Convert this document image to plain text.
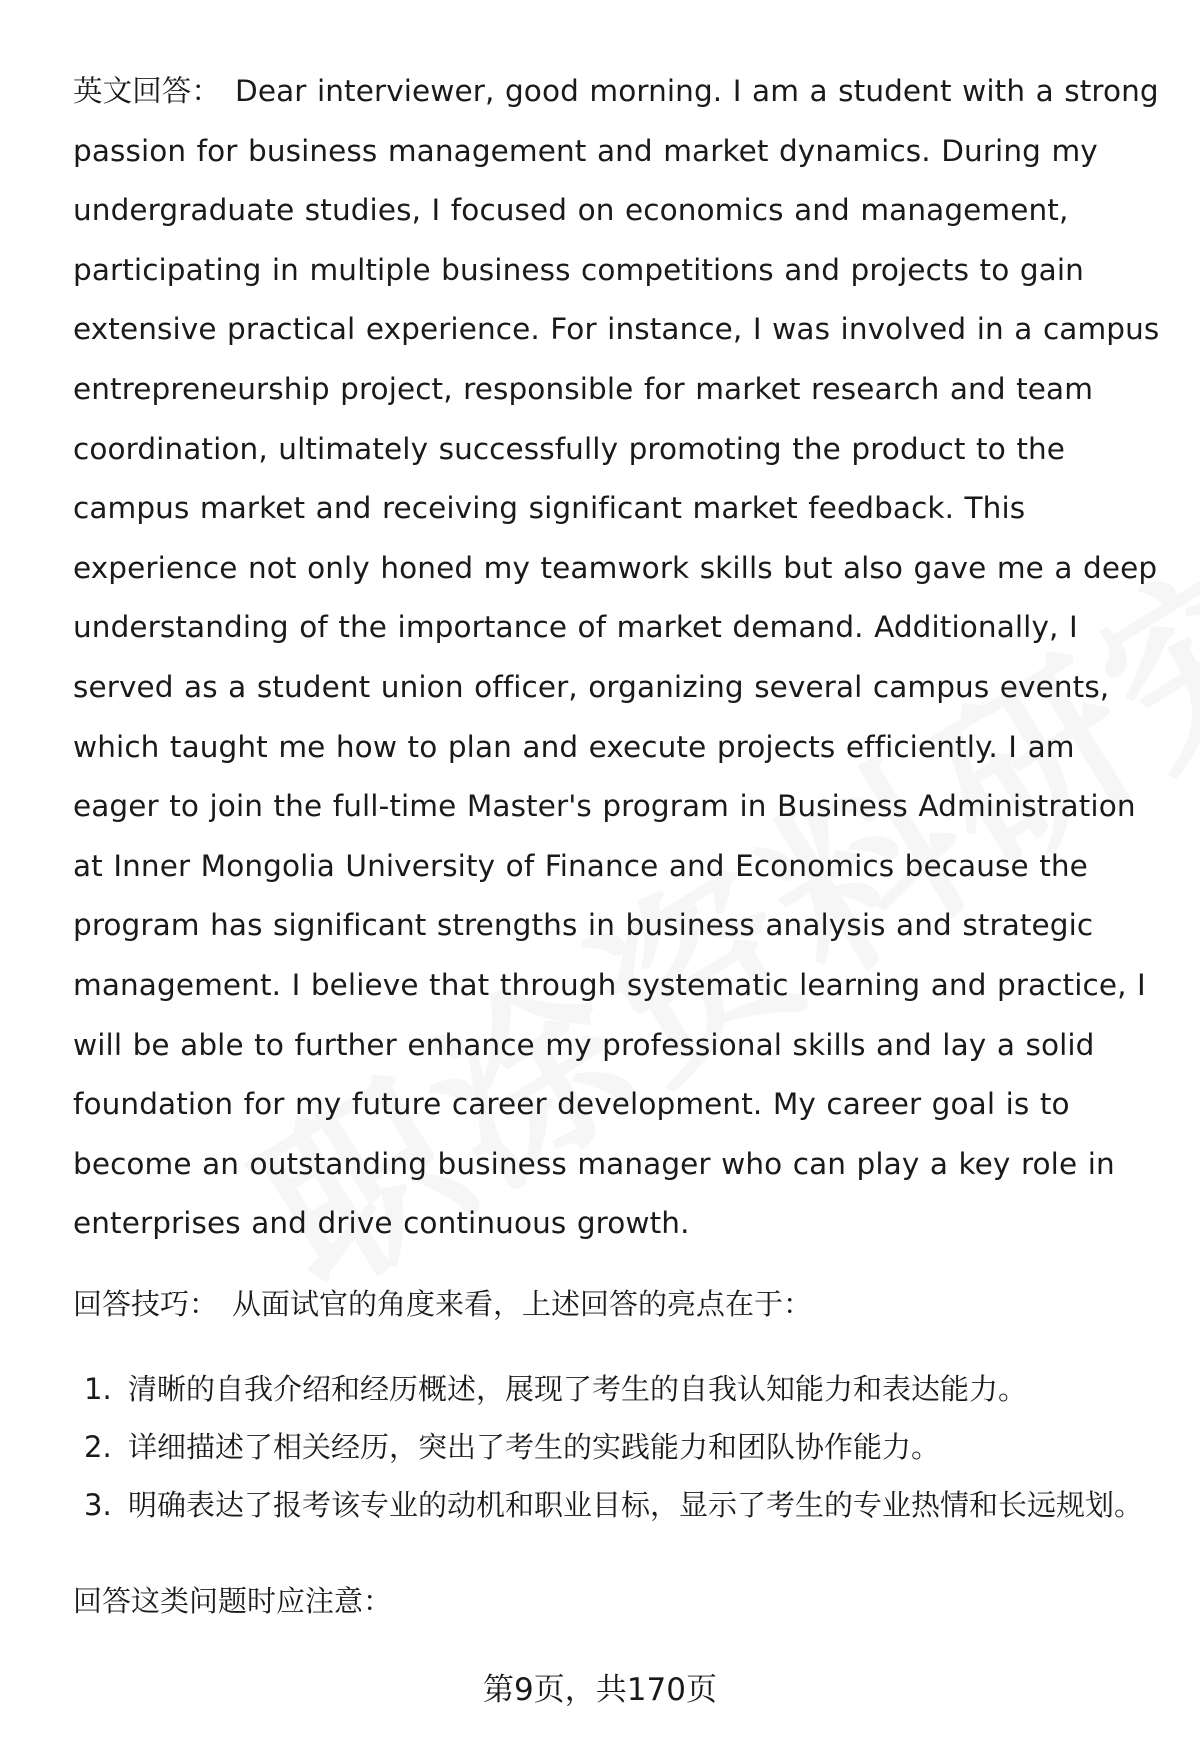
英文回答： Dear interviewer, good morning. I am a student with a strong passion for business management and market dynamics. During my undergraduate studies, I focused on economics and management, participating in multiple business competitions and projects to gain extensive practical experience. For instance, I was involved in a campus entrepreneurship project, responsible for market research and team coordination, ultimately successfully promoting the product to the campus market and receiving significant market feedback. This experience not only honed my teamwork skills but also gave me a deep understanding of the importance of market demand. Additionally, I served as a student union officer, organizing several campus events, which taught me how to plan and execute projects efficiently. I am eager to join the full-time Master's program in Business Administration at Inner Mongolia University of Finance and Economics because the program has significant strengths in business analysis and strategic management. I believe that through systematic learning and practice, I will be able to further enhance my professional skills and lay a solid foundation for my future career development. My career goal is to become an outstanding business manager who can play a key role in enterprises and drive continuous growth.

回答技巧： 从面试官的角度来看，上述回答的亮点在于：

1. 清晰的自我介绍和经历概述，展现了考生的自我认知能力和表达能力。
2. 详细描述了相关经历，突出了考生的实践能力和团队协作能力。
3. 明确表达了报考该专业的动机和职业目标，显示了考生的专业热情和长远规划。

回答这类问题时应注意：

第9页，共170页
